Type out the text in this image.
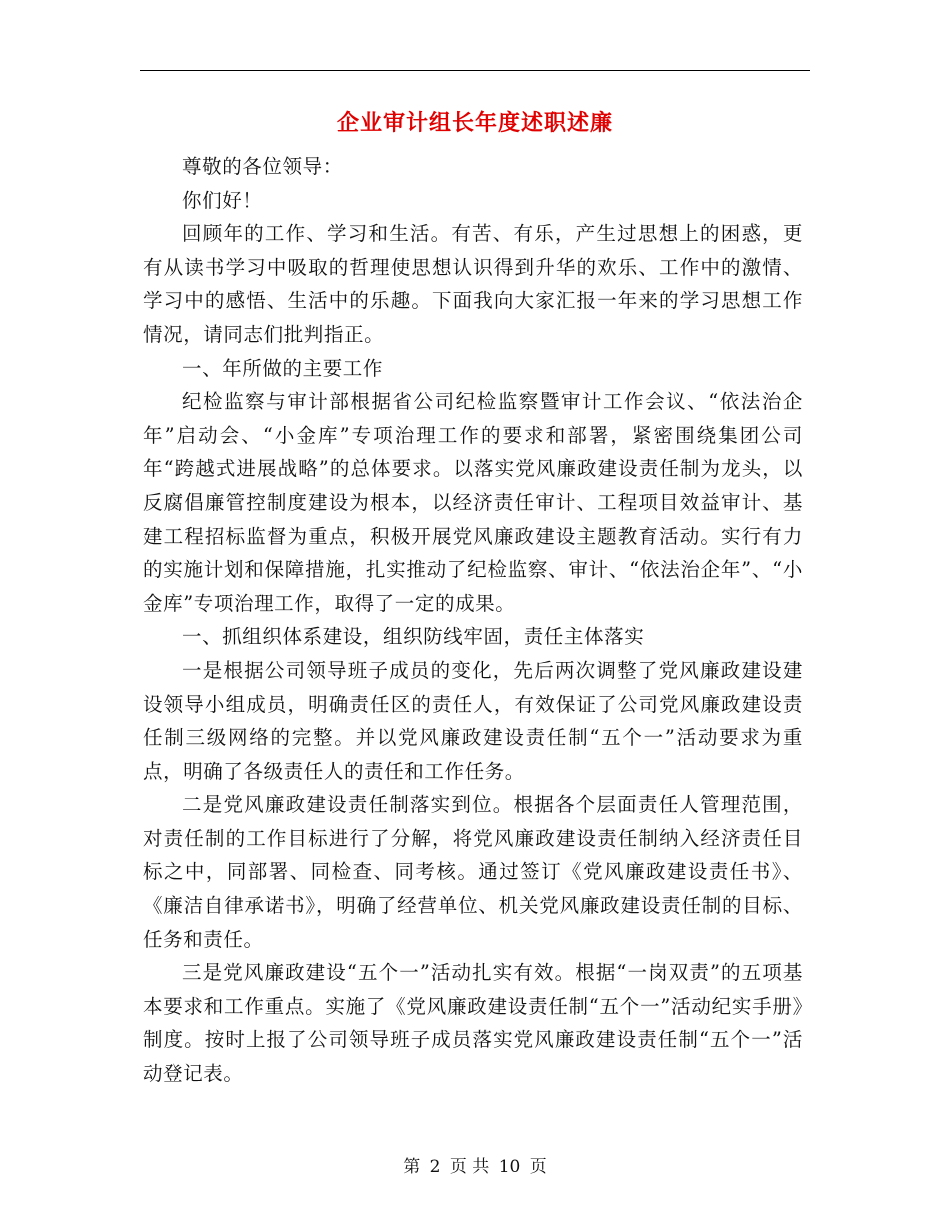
企业审计组长年度述职述廉

尊敬的各位领导：

你们好！

回顾年的工作、学习和生活。有苦、有乐，产生过思想上的困惑，更有从读书学习中吸取的哲理使思想认识得到升华的欢乐、工作中的激情、学习中的感悟、生活中的乐趣。下面我向大家汇报一年来的学习思想工作情况，请同志们批判指正。

一、年所做的主要工作

纪检监察与审计部根据省公司纪检监察暨审计工作会议、“依法治企年”启动会、“小金库”专项治理工作的要求和部署，紧密围绕集团公司年“跨越式进展战略”的总体要求。以落实党风廉政建设责任制为龙头，以反腐倡廉管控制度建设为根本，以经济责任审计、工程项目效益审计、基建工程招标监督为重点，积极开展党风廉政建设主题教育活动。实行有力的实施计划和保障措施，扎实推动了纪检监察、审计、“依法治企年”、“小金库”专项治理工作，取得了一定的成果。

一、抓组织体系建设，组织防线牢固，责任主体落实

一是根据公司领导班子成员的变化，先后两次调整了党风廉政建设建设领导小组成员，明确责任区的责任人，有效保证了公司党风廉政建设责任制三级网络的完整。并以党风廉政建设责任制“五个一”活动要求为重点，明确了各级责任人的责任和工作任务。

二是党风廉政建设责任制落实到位。根据各个层面责任人管理范围，对责任制的工作目标进行了分解，将党风廉政建设责任制纳入经济责任目标之中，同部署、同检查、同考核。通过签订《党风廉政建设责任书》、《廉洁自律承诺书》，明确了经营单位、机关党风廉政建设责任制的目标、任务和责任。

三是党风廉政建设“五个一”活动扎实有效。根据“一岗双责”的五项基本要求和工作重点。实施了《党风廉政建设责任制“五个一”活动纪实手册》制度。按时上报了公司领导班子成员落实党风廉政建设责任制“五个一”活动登记表。

第 2 页 共 10 页
